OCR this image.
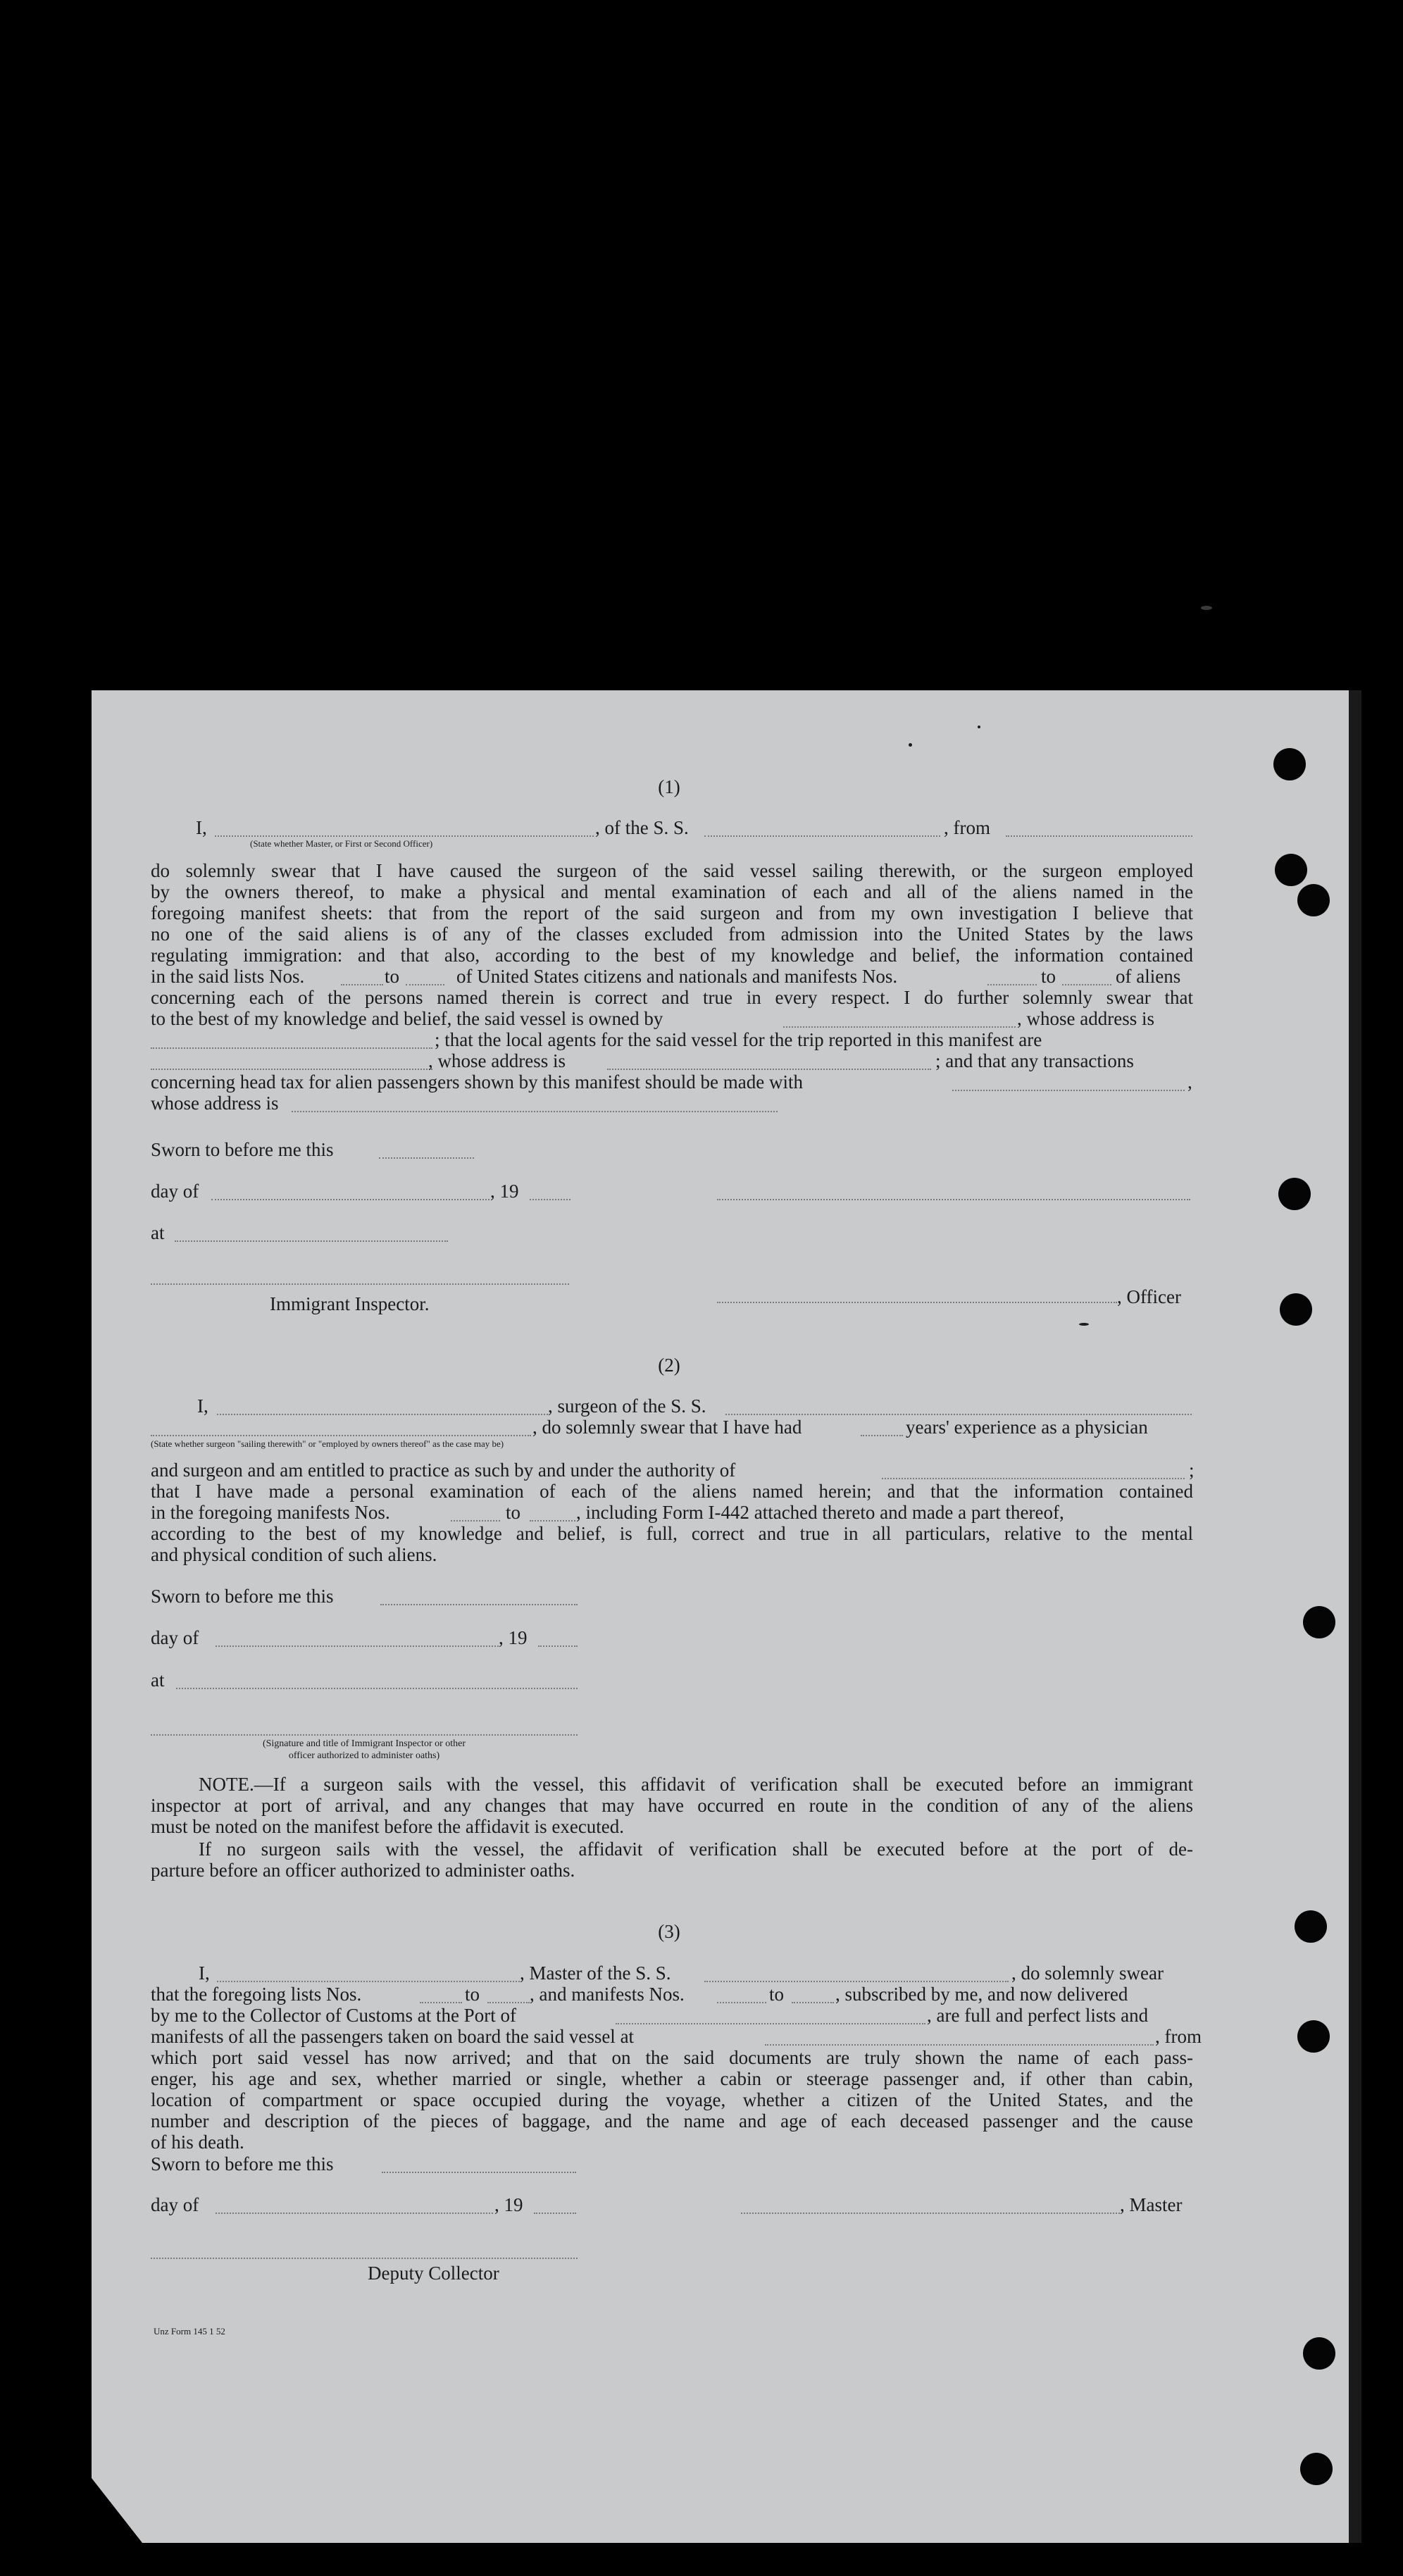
(1)
I,	, of the S. S.	, from
(State whether Master, or First or Second Officer)
do solemnly swear that I have caused the surgeon of the said vessel sailing therewith, or the surgeon employed
by the owners thereof, to make a physical and mental examination of each and all of the aliens named in the
foregoing manifest sheets: that from the report of the said surgeon and from my own investigation I believe that
no one of the said aliens is of any of the classes excluded from admission into the United States by the laws
regulating immigration: and that also, according to the best of my knowledge and belief, the information contained
in the said lists Nos.	to	of United States citizens and nationals and manifests Nos.	to	of aliens
concerning each of the persons named therein is correct and true in every respect. I do further solemnly swear that
to the best of my knowledge and belief, the said vessel is owned by	, whose address is
; that the local agents for the said vessel for the trip reported in this manifest are
, whose address is	; and that any transactions
concerning head tax for alien passengers shown by this manifest should be made with	,
whose address is
Sworn to before me this
day of	, 19
at
, Officer
Immigrant Inspector.
(2)
I,	, surgeon of the S. S.
, do solemnly swear that I have had	years' experience as a physician
(State whether surgeon "sailing therewith" or "employed by owners thereof" as the case may be)
and surgeon and am entitled to practice as such by and under the authority of	;
that I have made a personal examination of each of the aliens named herein; and that the information contained
in the foregoing manifests Nos.	to	, including Form I-442 attached thereto and made a part thereof,
according to the best of my knowledge and belief, is full, correct and true in all particulars, relative to the mental
and physical condition of such aliens.
Sworn to before me this
day of	, 19
at
(Signature and title of Immigrant Inspector or other
officer authorized to administer oaths)
NOTE.—If a surgeon sails with the vessel, this affidavit of verification shall be executed before an immigrant
inspector at port of arrival, and any changes that may have occurred en route in the condition of any of the aliens
must be noted on the manifest before the affidavit is executed.
If no surgeon sails with the vessel, the affidavit of verification shall be executed before at the port of de-
parture before an officer authorized to administer oaths.
(3)
I,	, Master of the S. S.	, do solemnly swear
that the foregoing lists Nos.	to	, and manifests Nos.	to	, subscribed by me, and now delivered
by me to the Collector of Customs at the Port of	, are full and perfect lists and
manifests of all the passengers taken on board the said vessel at	, from
which port said vessel has now arrived; and that on the said documents are truly shown the name of each pass-
enger, his age and sex, whether married or single, whether a cabin or steerage passenger and, if other than cabin,
location of compartment or space occupied during the voyage, whether a citizen of the United States, and the
number and description of the pieces of baggage, and the name and age of each deceased passenger and the cause
of his death.
Sworn to before me this
day of	, 19	, Master
Deputy Collector
Unz Form 145 1 52
